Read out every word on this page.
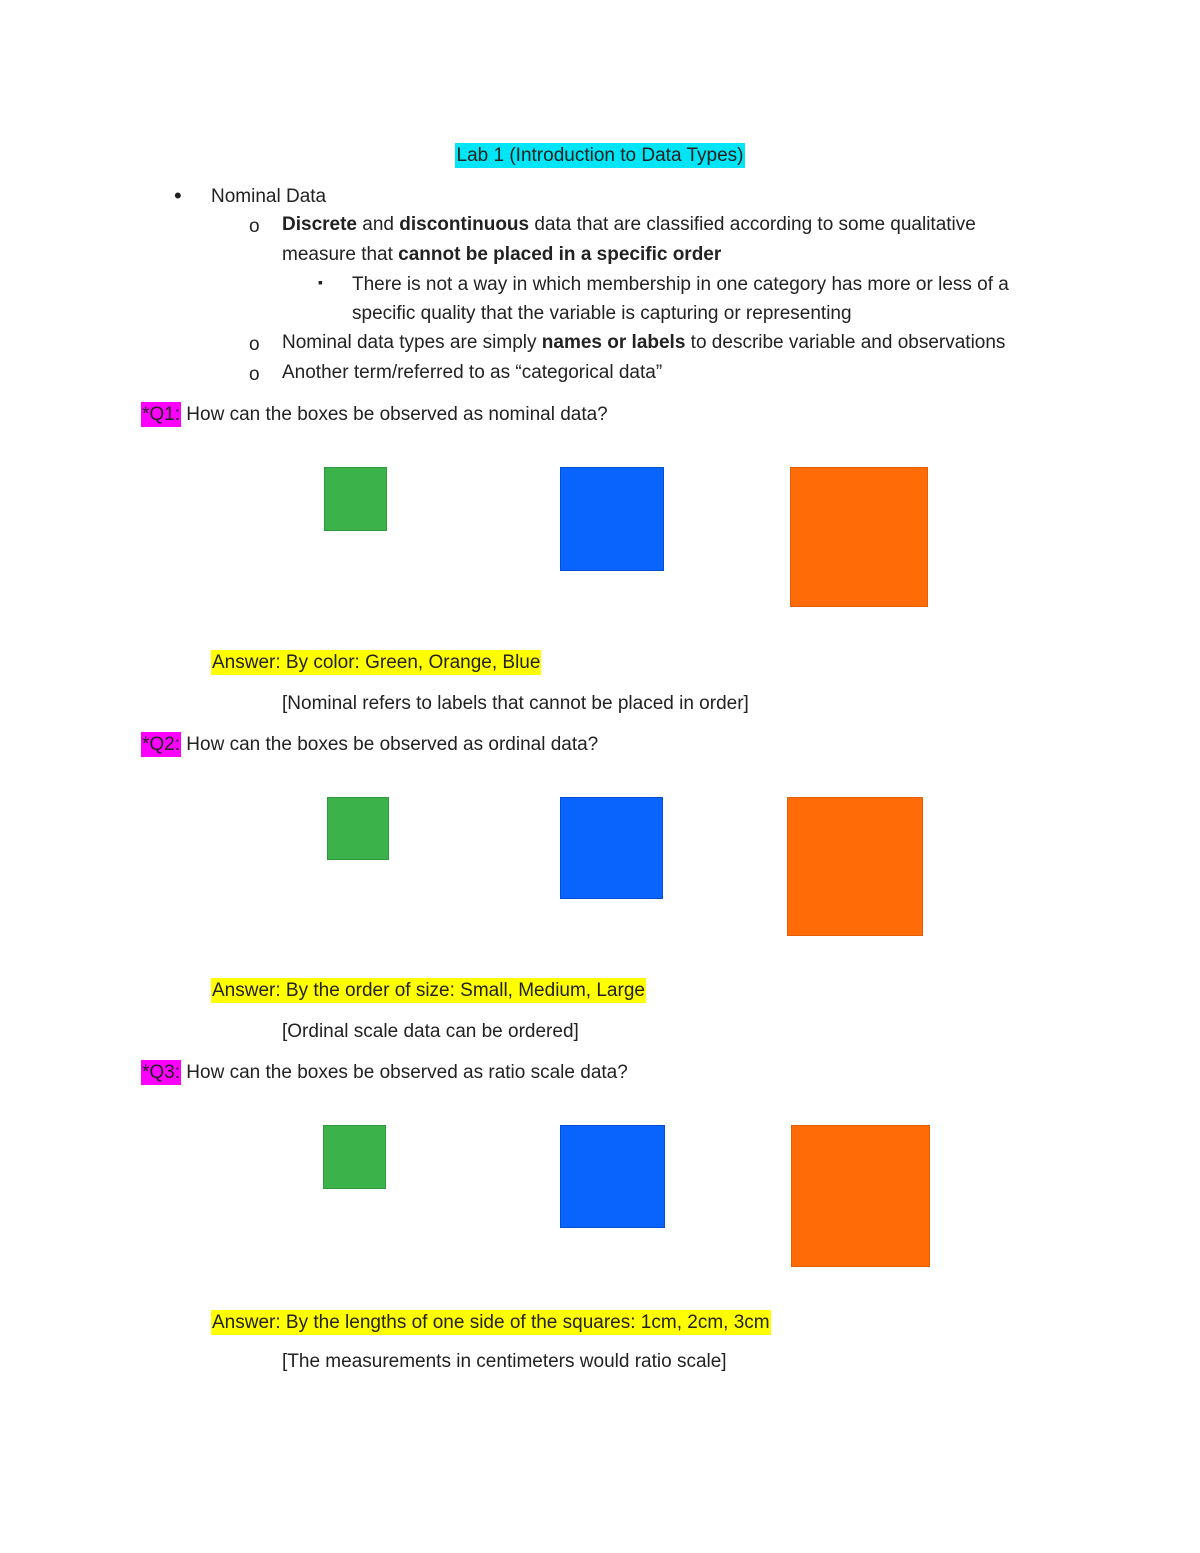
Lab 1 (Introduction to Data Types)
• Nominal Data
o Discrete and discontinuous data that are classified according to some qualitative
measure that cannot be placed in a specific order
▪ There is not a way in which membership in one category has more or less of a
specific quality that the variable is capturing or representing
o Nominal data types are simply names or labels to describe variable and observations
o Another term/referred to as “categorical data”
*Q1: How can the boxes be observed as nominal data?
Answer: By color: Green, Orange, Blue
[Nominal refers to labels that cannot be placed in order]
*Q2: How can the boxes be observed as ordinal data?
Answer: By the order of size: Small, Medium, Large
[Ordinal scale data can be ordered]
*Q3: How can the boxes be observed as ratio scale data?
Answer: By the lengths of one side of the squares: 1cm, 2cm, 3cm
[The measurements in centimeters would ratio scale]
